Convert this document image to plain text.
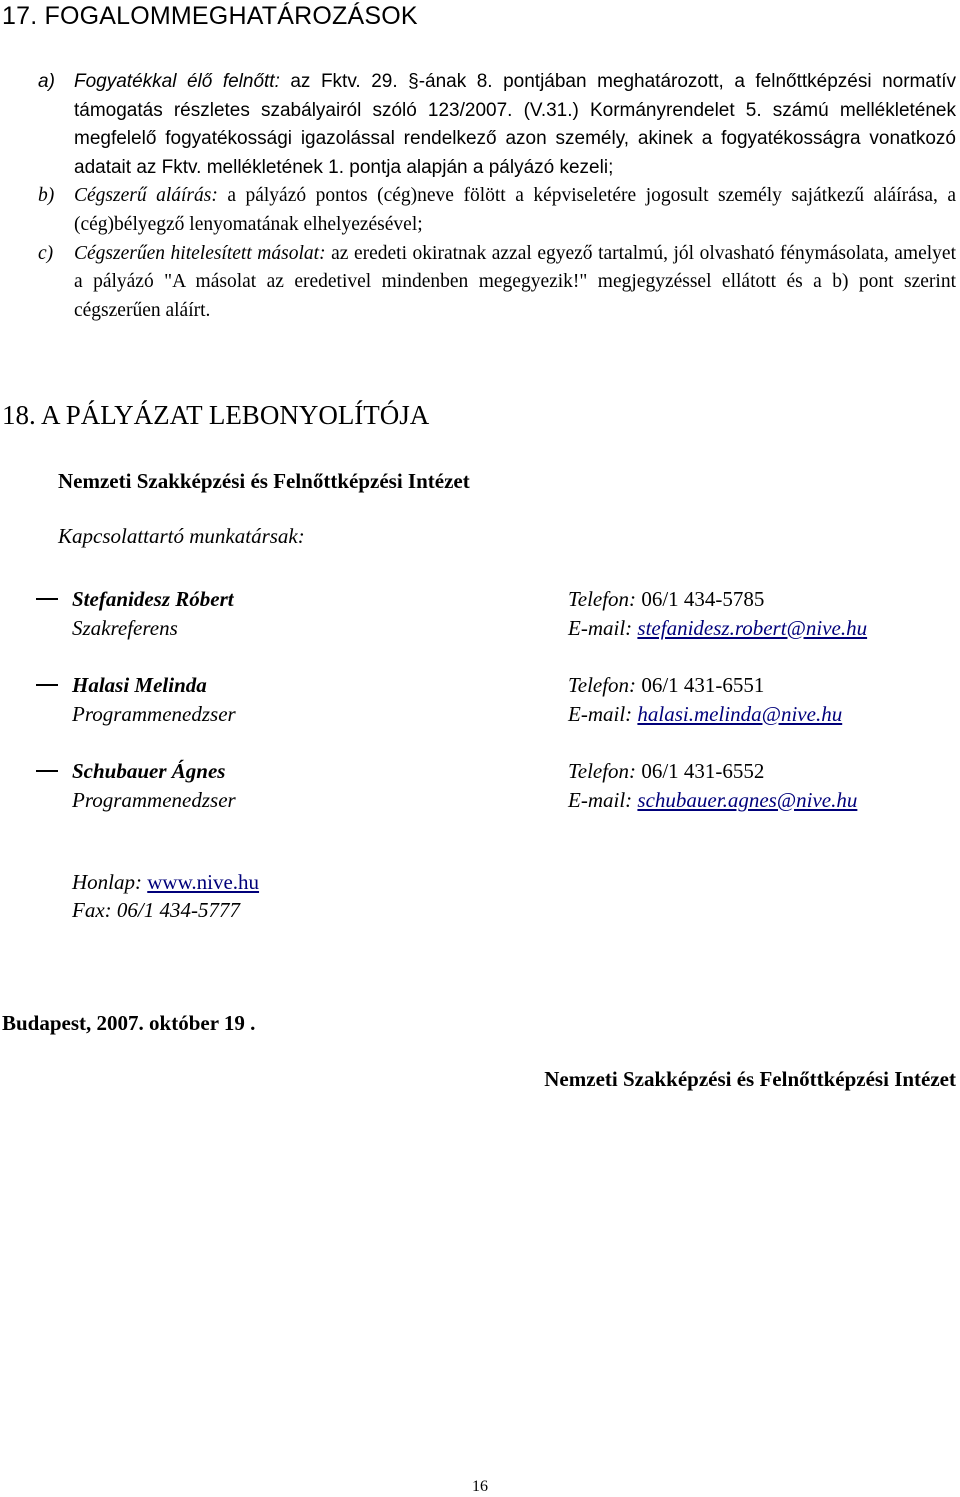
17. FOGALOMMEGHATÁROZÁSOK
a)	Fogyatékkal élő felnőtt: az Fktv. 29. §-ának 8. pontjában meghatározott, a felnőttképzési normatív támogatás részletes szabályairól szóló 123/2007. (V.31.) Kormányrendelet 5. számú mellékletének megfelelő fogyatékossági igazolással rendelkező azon személy, akinek a fogyatékosságra vonatkozó adatait az Fktv. mellékletének 1. pontja alapján a pályázó kezeli;
b)	Cégszerű aláírás: a pályázó pontos (cég)neve fölött a képviseletére jogosult személy sajátkezű aláírása, a (cég)bélyegző lenyomatának elhelyezésével;
c)	Cégszerűen hitelesített másolat: az eredeti okiratnak azzal egyező tartalmú, jól olvasható fénymásolata, amelyet a pályázó "A másolat az eredetivel mindenben megegyezik!" megjegyzéssel ellátott és a b) pont szerint cégszerűen aláírt.
18. A PÁLYÁZAT LEBONYOLÍTÓJA
Nemzeti Szakképzési és Felnőttképzési Intézet
Kapcsolattartó munkatársak:
Stefanidesz Róbert
Szakreferens
Telefon: 06/1 434-5785
E-mail: stefanidesz.robert@nive.hu
Halasi Melinda
Programmenedzser
Telefon: 06/1 431-6551
E-mail: halasi.melinda@nive.hu
Schubauer Ágnes
Programmenedzser
Telefon: 06/1 431-6552
E-mail: schubauer.agnes@nive.hu
Honlap: www.nive.hu
Fax: 06/1 434-5777
Budapest, 2007. október 19 .
Nemzeti Szakképzési és Felnőttképzési Intézet
16
